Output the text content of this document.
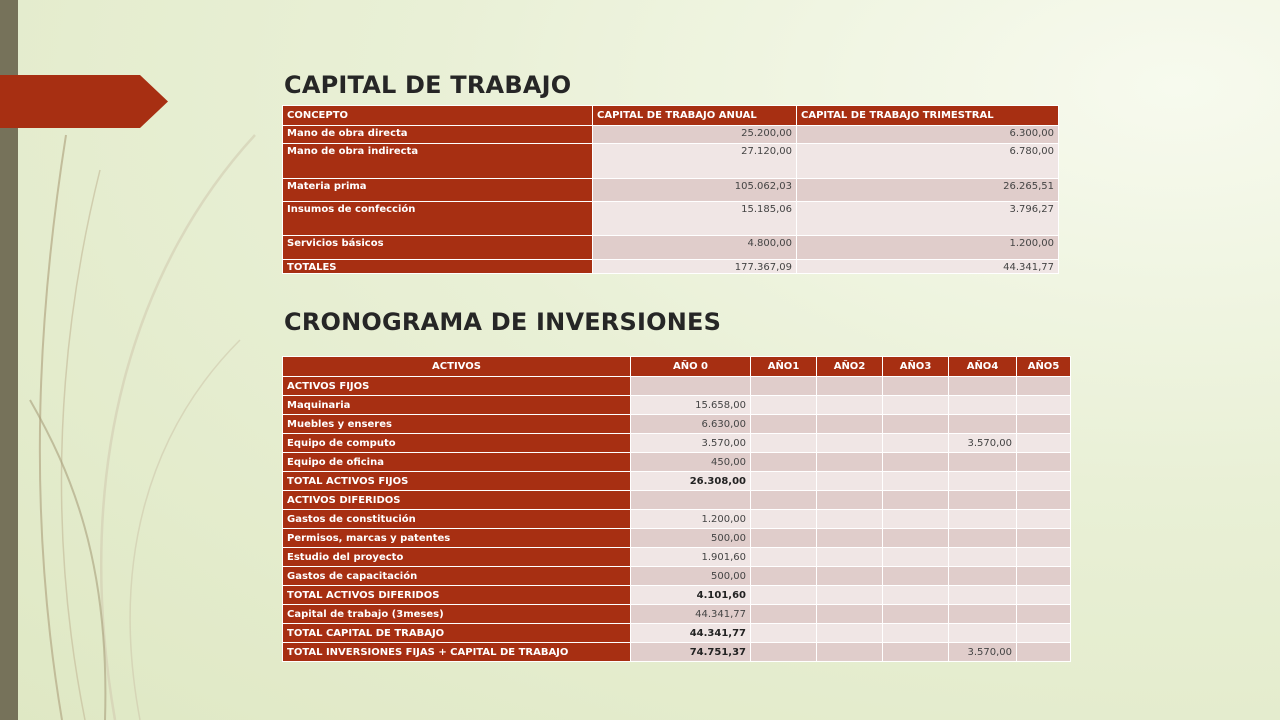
CAPITAL DE TRABAJO
CONCEPTO	CAPITAL DE TRABAJO ANUAL	CAPITAL DE TRABAJO TRIMESTRAL
Mano de obra directa	25.200,00	6.300,00
Mano de obra indirecta	27.120,00	6.780,00
Materia prima	105.062,03	26.265,51
Insumos de confección	15.185,06	3.796,27
Servicios básicos	4.800,00	1.200,00
TOTALES	177.367,09	44.341,77
CRONOGRAMA DE INVERSIONES
ACTIVOS	AÑO 0	AÑO1	AÑO2	AÑO3	AÑO4	AÑO5
ACTIVOS FIJOS						
Maquinaria	15.658,00					
Muebles y enseres	6.630,00					
Equipo de computo	3.570,00				3.570,00	
Equipo de oficina	450,00					
TOTAL ACTIVOS FIJOS	26.308,00					
ACTIVOS DIFERIDOS						
Gastos de constitución	1.200,00					
Permisos, marcas y patentes	500,00					
Estudio del proyecto	1.901,60					
Gastos de capacitación	500,00					
TOTAL ACTIVOS DIFERIDOS	4.101,60					
Capital de trabajo (3meses)	44.341,77					
TOTAL CAPITAL DE TRABAJO	44.341,77					
TOTAL INVERSIONES FIJAS + CAPITAL DE TRABAJO	74.751,37				3.570,00	
